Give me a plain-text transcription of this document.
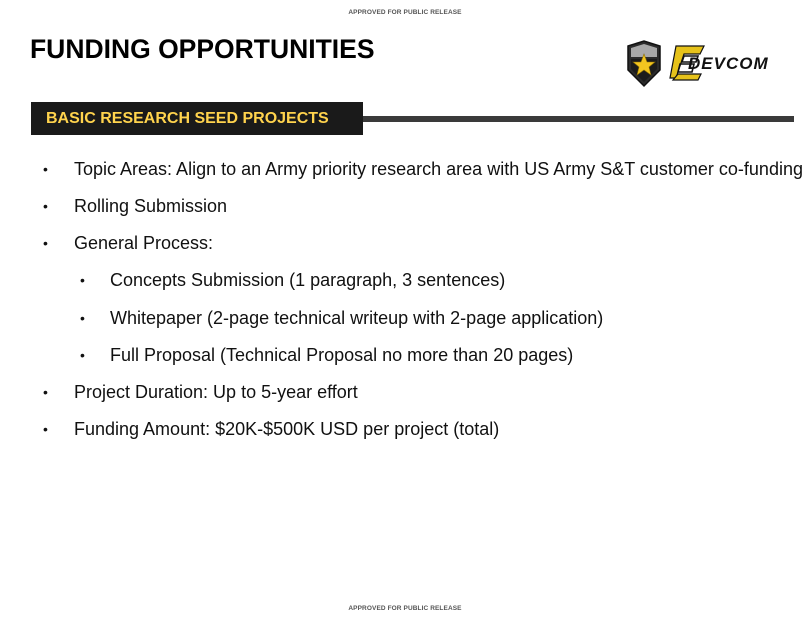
APPROVED FOR PUBLIC RELEASE
FUNDING OPPORTUNITIES	DEVCOM
BASIC RESEARCH SEED PROJECTS
• Topic Areas: Align to an Army priority research area with US Army S&T customer co-funding
• Rolling Submission
• General Process:
• Concepts Submission (1 paragraph, 3 sentences)
• Whitepaper (2-page technical writeup with 2-page application)
• Full Proposal (Technical Proposal no more than 20 pages)
• Project Duration: Up to 5-year effort
• Funding Amount: $20K-$500K USD per project (total)
APPROVED FOR PUBLIC RELEASE
